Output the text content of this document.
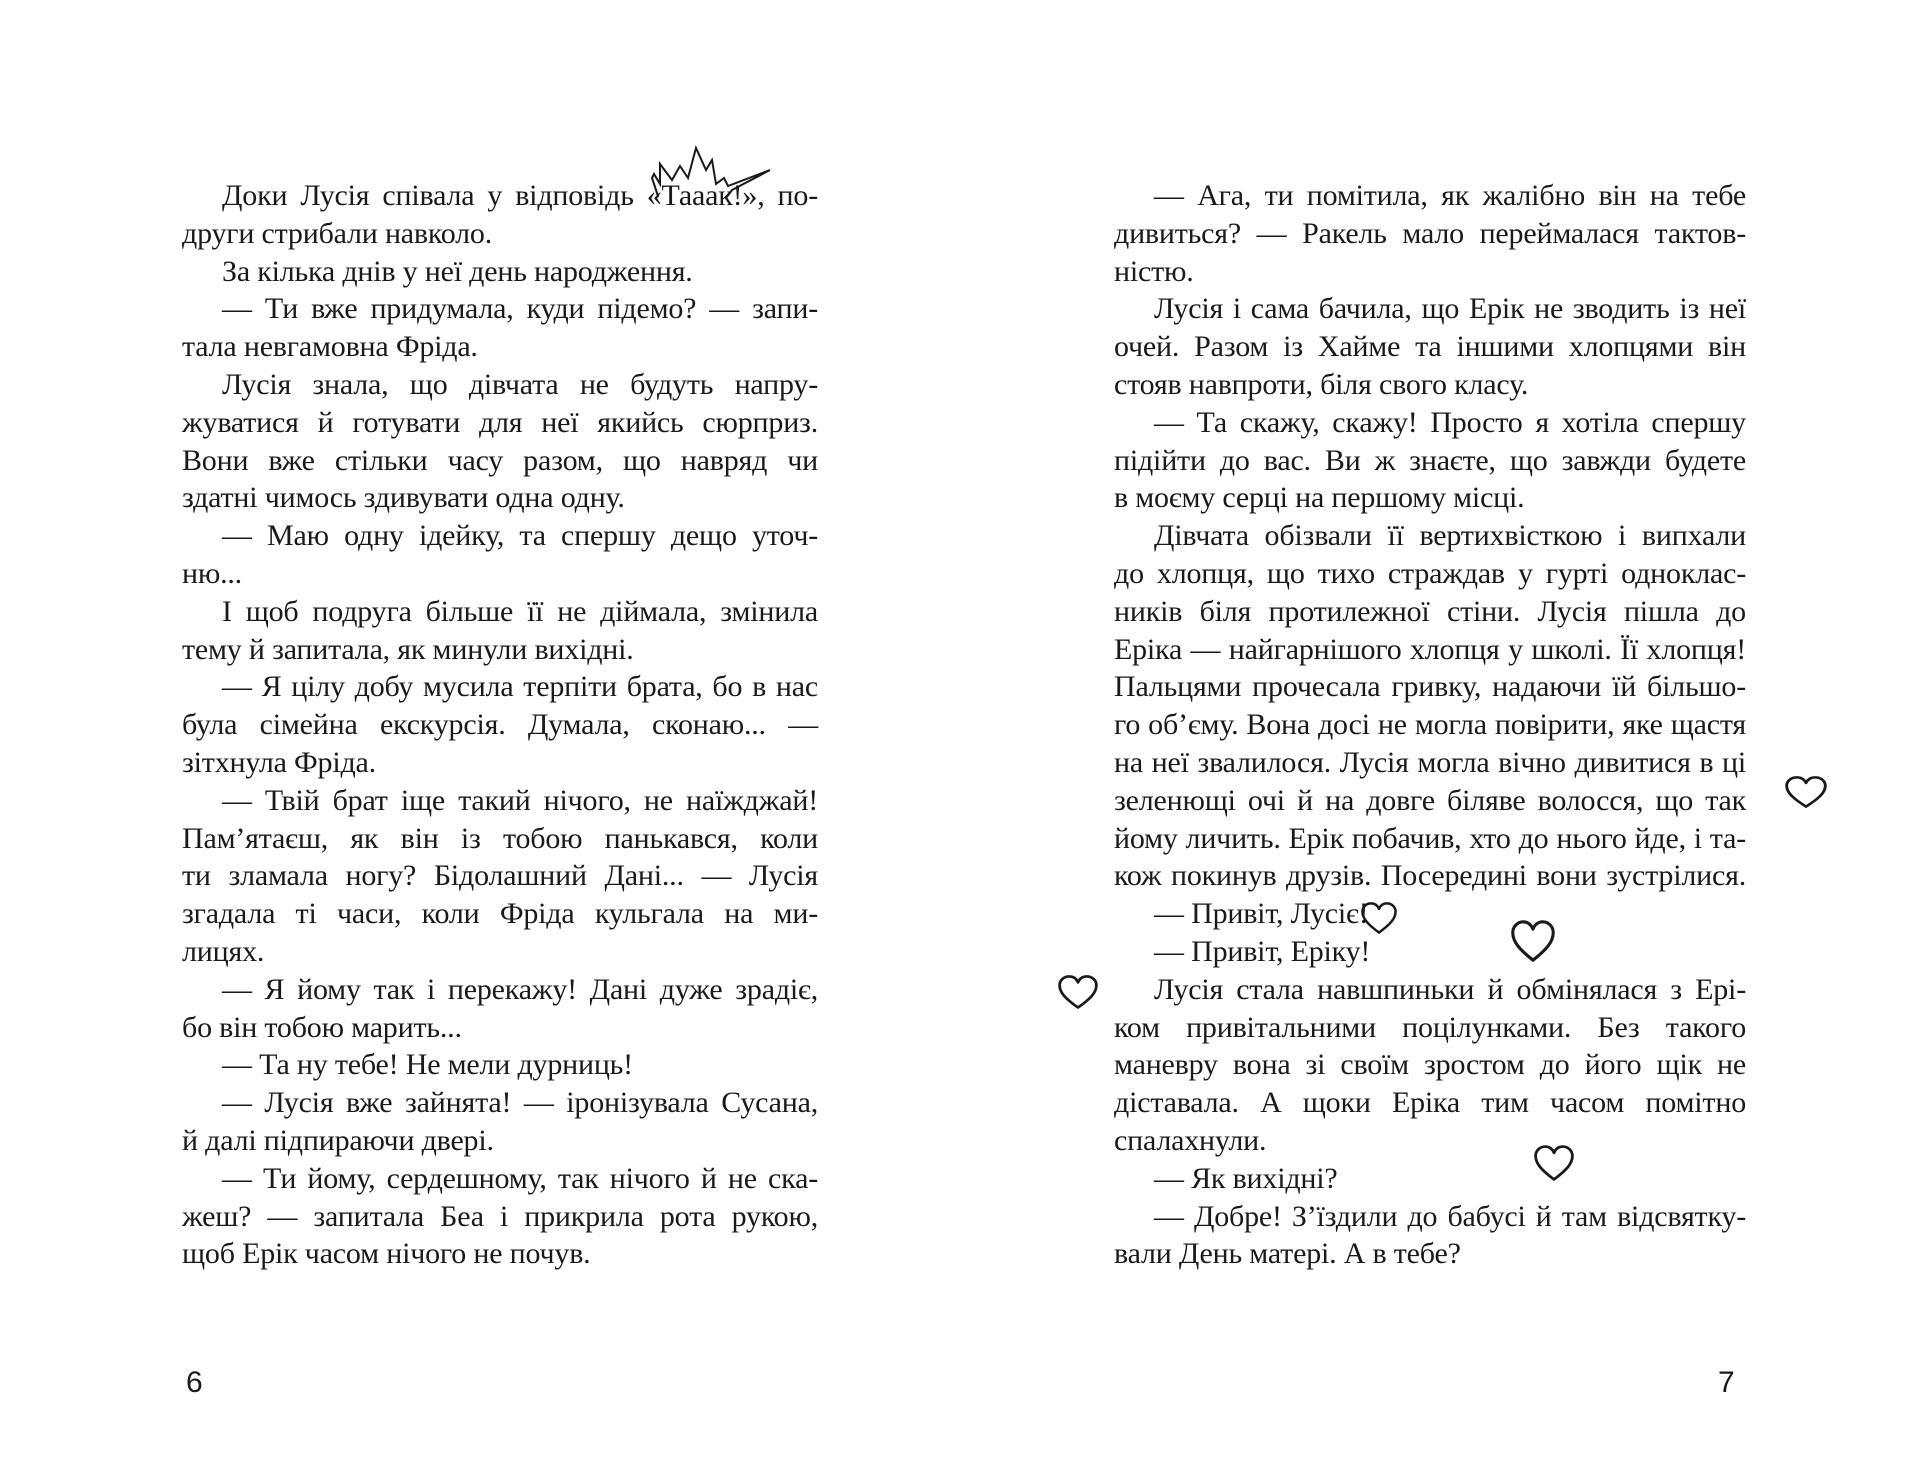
Доки Лусія співала у відповідь «Тааак!», по-
други стрибали навколо.
За кілька днів у неї день народження.
— Ти вже придумала, куди підемо? — запи-
тала невгамовна Фріда.
Лусія знала, що дівчата не будуть напру-
жуватися й готувати для неї якийсь сюрприз.
Вони вже стільки часу разом, що навряд чи
здатні чимось здивувати одна одну.
— Маю одну ідейку, та спершу дещо уточ-
ню...
І щоб подруга більше її не діймала, змінила
тему й запитала, як минули вихідні.
— Я цілу добу мусила терпіти брата, бо в нас
була сімейна екскурсія. Думала, сконаю... —
зітхнула Фріда.
— Твій брат іще такий нічого, не наїжджай!
Пам’ятаєш, як він із тобою панькався, коли
ти зламала ногу? Бідолашний Дані... — Лусія
згадала ті часи, коли Фріда кульгала на ми-
лицях.
— Я йому так і перекажу! Дані дуже зрадіє,
бо він тобою марить...
— Та ну тебе! Не мели дурниць!
— Лусія вже зайнята! — іронізувала Сусана,
й далі підпираючи двері.
— Ти йому, сердешному, так нічого й не ска-
жеш? — запитала Беа і прикрила рота рукою,
щоб Ерік часом нічого не почув.
6
— Ага, ти помітила, як жалібно він на тебе
дивиться? — Ракель мало переймалася тактов-
ністю.
Лусія і сама бачила, що Ерік не зводить із неї
очей. Разом із Хайме та іншими хлопцями він
стояв навпроти, біля свого класу.
— Та скажу, скажу! Просто я хотіла спершу
підійти до вас. Ви ж знаєте, що завжди будете
в моєму серці на першому місці.
Дівчата обізвали її вертихвісткою і випхали
до хлопця, що тихо страждав у гурті однoклас-
ників біля протилежної стіни. Лусія пішла до
Еріка — найгарнішого хлопця у школі. Її хлопця!
Пальцями прочесала гривку, надаючи їй більшо-
го об’єму. Вона досі не могла повірити, яке щастя
на неї звалилося. Лусія могла вічно дивитися в ці
зеленющі очі й на довге біляве волосся, що так
йому личить. Ерік побачив, хто до нього йде, і та-
кож покинув друзів. Посередині вони зустрілися.
— Привіт, Лусіє!
— Привіт, Еріку!
Лусія стала навшпиньки й обмінялася з Ері-
ком привітальними поцілунками. Без такого
маневру вона зі своїм зростом до його щік не
діставала. А щоки Еріка тим часом помітно
спалахнули.
— Як вихідні?
— Добре! З’їздили до бабусі й там відсвятку-
вали День матері. А в тебе?
7
